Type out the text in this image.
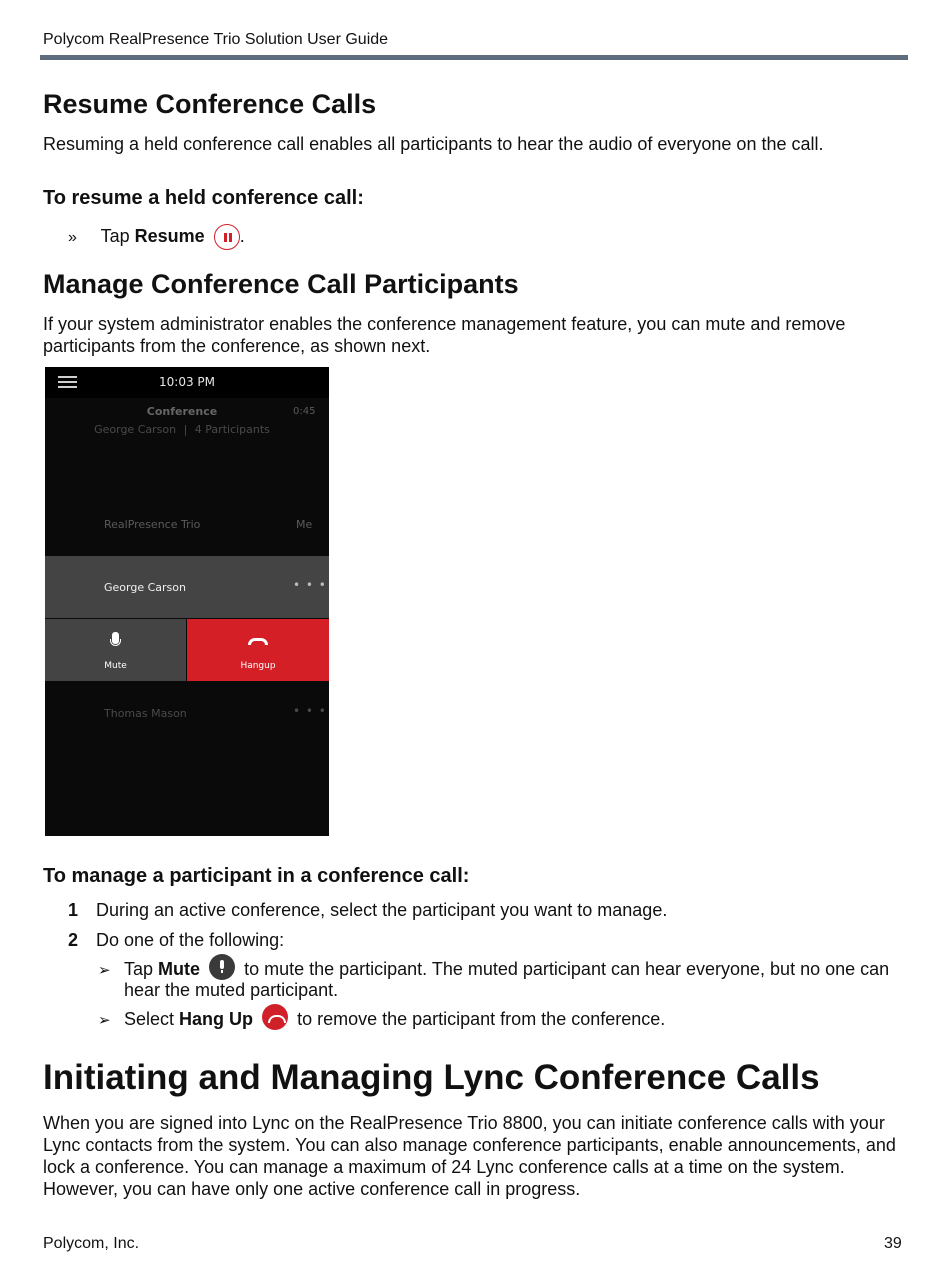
Polycom RealPresence Trio Solution User Guide
Resume Conference Calls
Resuming a held conference call enables all participants to hear the audio of everyone on the call.
To resume a held conference call:
» Tap Resume .
Manage Conference Call Participants
If your system administrator enables the conference management feature, you can mute and remove participants from the conference, as shown next.
10:03 PM
Conference	0:45
George Carson | 4 Participants
RealPresence Trio	Me
George Carson	• • •
Mute	Hangup
Thomas Mason	• • •
To manage a participant in a conference call:
1 During an active conference, select the participant you want to manage.
2 Do one of the following:
➢ Tap Mute to mute the participant. The muted participant can hear everyone, but no one can hear the muted participant.
➢ Select Hang Up to remove the participant from the conference.
Initiating and Managing Lync Conference Calls
When you are signed into Lync on the RealPresence Trio 8800, you can initiate conference calls with your Lync contacts from the system. You can also manage conference participants, enable announcements, and lock a conference. You can manage a maximum of 24 Lync conference calls at a time on the system. However, you can have only one active conference call in progress.
Polycom, Inc.	39
